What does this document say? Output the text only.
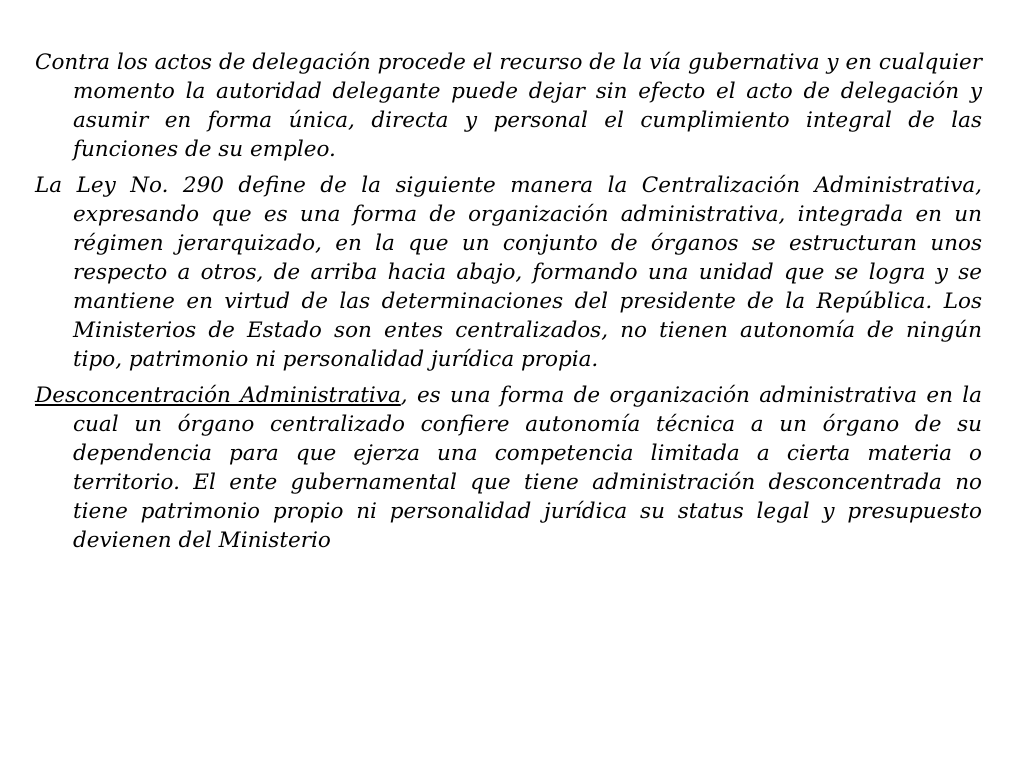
Contra los actos de delegación procede el recurso de la vía gubernativa y en cualquier momento la autoridad delegante puede dejar sin efecto el acto de delegación y asumir en forma única, directa y personal el cumplimiento integral de las funciones de su empleo.

La Ley No. 290 define de la siguiente manera la Centralización Administrativa, expresando que es una forma de organización administrativa, integrada en un régimen jerarquizado, en la que un conjunto de órganos se estructuran unos respecto a otros, de arriba hacia abajo, formando una unidad que se logra y se mantiene en virtud de las determinaciones del presidente de la República. Los Ministerios de Estado son entes centralizados, no tienen autonomía de ningún tipo, patrimonio ni personalidad jurídica propia.

Desconcentración Administrativa, es una forma de organización administrativa en la cual un órgano centralizado confiere autonomía técnica a un órgano de su dependencia para que ejerza una competencia limitada a cierta materia o territorio. El ente gubernamental que tiene administración desconcentrada no tiene patrimonio propio ni personalidad jurídica su status legal y presupuesto devienen del Ministerio
